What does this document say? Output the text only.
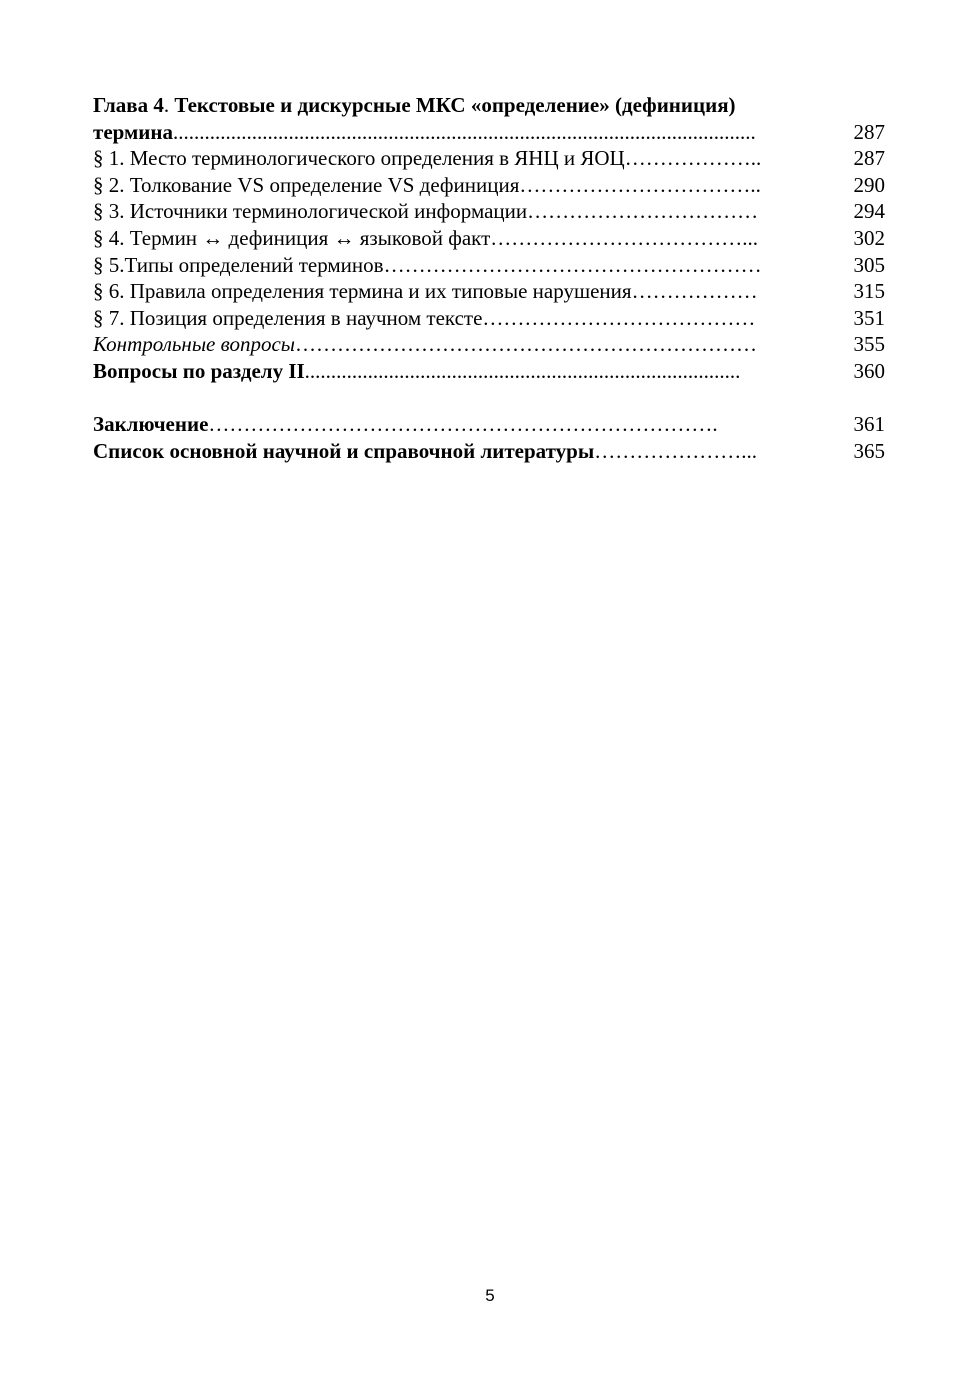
Глава 4. Текстовые и дискурсные МКС «определение» (дефиниция)
термина...............................................................................................................	287
§ 1. Место терминологического определения в ЯНЦ и ЯОЦ………………..	287
§ 2. Толкование VS определение VS дефиниция……………………………..	290
§ 3. Источники терминологической информации……………………………	294
§ 4. Термин ↔ дефиниция ↔ языковой факт………………………………...	302
§ 5.Типы определений терминов………………………………………………	305
§ 6. Правила определения термина и их типовые нарушения………………	315
§ 7. Позиция определения в научном тексте…………………………………	351
Контрольные вопросы…………………………………………………………	355
Вопросы по разделу II...................................................................................	360
Заключение……………………………………………………………….	361
Список основной научной и справочной литературы…………………...	365
5
